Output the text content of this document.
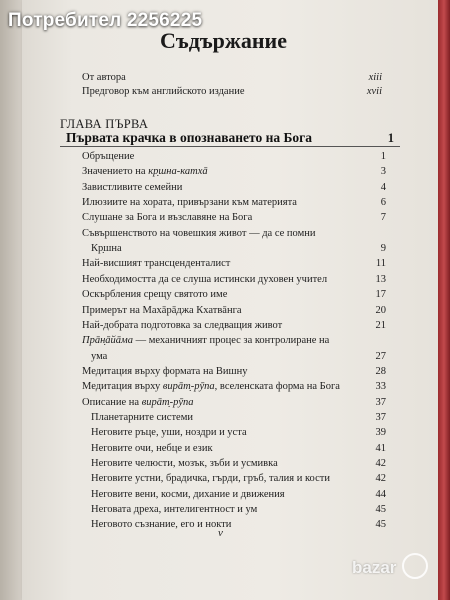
Потребител 2256225
Съдържание
От автора	xiii
Предговор към английското издание	xvii
ГЛАВА ПЪРВА
Първата крачка в опознаването на Бога	1
Обръщение	1
Значението на кр̣шна-катхā	3
Завистливите семейни	4
Илюзиите на хората, привързани към материята	6
Слушане за Бога и възславяне на Бога	7
Съвършенството на човешкия живот — да се помни
Кр̣шна	9
Най-висшият трансценденталист	11
Необходимостта да се слуша истински духовен учител	13
Оскърбления срещу святото име	17
Примерът на Махāрāджа Кхатвāнга	20
Най-добрата подготовка за следващия живот	21
Прāн̣āйāма — механичният процес за контролиране на
ума	27
Медитация върху формата на Вишну	28
Медитация върху вирāт̣-рӯпа, вселенската форма на Бога	33
Описание на вирāт̣-рӯпа	37
Планетарните системи	37
Неговите ръце, уши, ноздри и уста	39
Неговите очи, небце и език	41
Неговите челюсти, мозък, зъби и усмивка	42
Неговите устни, брадичка, гърди, гръб, талия и кости	42
Неговите вени, косми, дихание и движения	44
Неговата дреха, интелигентност и ум	45
Неговото съзнание, его и нокти	45
v
bazar
